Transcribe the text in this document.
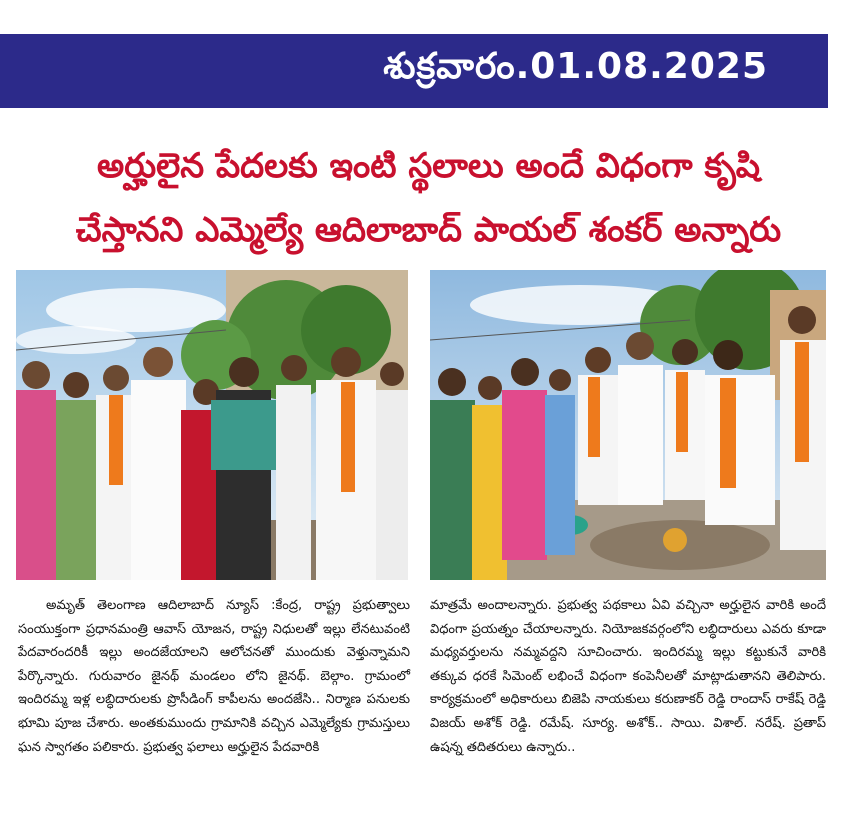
శుక్రవారం.01.08.2025
అర్హులైన పేదలకు ఇంటి స్థలాలు అందే విధంగా కృషి
చేస్తానని ఎమ్మెల్యే ఆదిలాబాద్ పాయల్ శంకర్ అన్నారు
అమృత్ తెలంగాణ ఆదిలాబాద్ న్యూస్ :కేంద్ర, రాష్ట్ర ప్రభుత్వాలు సంయుక్తంగా ప్రధానమంత్రి ఆవాస్ యోజన, రాష్ట్ర నిధులతో ఇల్లు లేనటువంటి పేదవారందరికీ ఇల్లు అందజేయాలని ఆలోచనతో ముందుకు వెళ్తున్నామని పేర్కొన్నారు. గురువారం జైనథ్ మండలం లోని జైనథ్. బెల్గాం. గ్రామంలో ఇందిరమ్మ ఇళ్ల లబ్ధిదారులకు ప్రొసీడింగ్ కాపీలను అందజేసి.. నిర్మాణ పనులకు భూమి పూజ చేశారు. అంతకుముందు గ్రామానికి వచ్చిన ఎమ్మెల్యేకు గ్రామస్తులు ఘన స్వాగతం పలికారు. ప్రభుత్వ ఫలాలు అర్హులైన పేదవారికి
మాత్రమే అందాలన్నారు. ప్రభుత్వ పథకాలు ఏవి వచ్చినా అర్హులైన వారికి అందే విధంగా ప్రయత్నం చేయాలన్నారు. నియోజకవర్గంలోని లబ్ధిదారులు ఎవరు కూడా మధ్యవర్తులను నమ్మవద్దని సూచించారు. ఇందిరమ్మ ఇల్లు కట్టుకునే వారికి తక్కువ ధరకే సిమెంట్ లభించే విధంగా కంపెనీలతో మాట్లాడుతానని తెలిపారు. కార్యక్రమంలో అధికారులు బిజెపి నాయకులు కరుణాకర్ రెడ్డి రాందాస్ రాకేష్ రెడ్డి విజయ్ అశోక్ రెడ్డి. రమేష్. సూర్య. అశోక్.. సాయి. విశాల్. నరేష్. ప్రతాప్ ఉషన్న తదితరులు ఉన్నారు..
